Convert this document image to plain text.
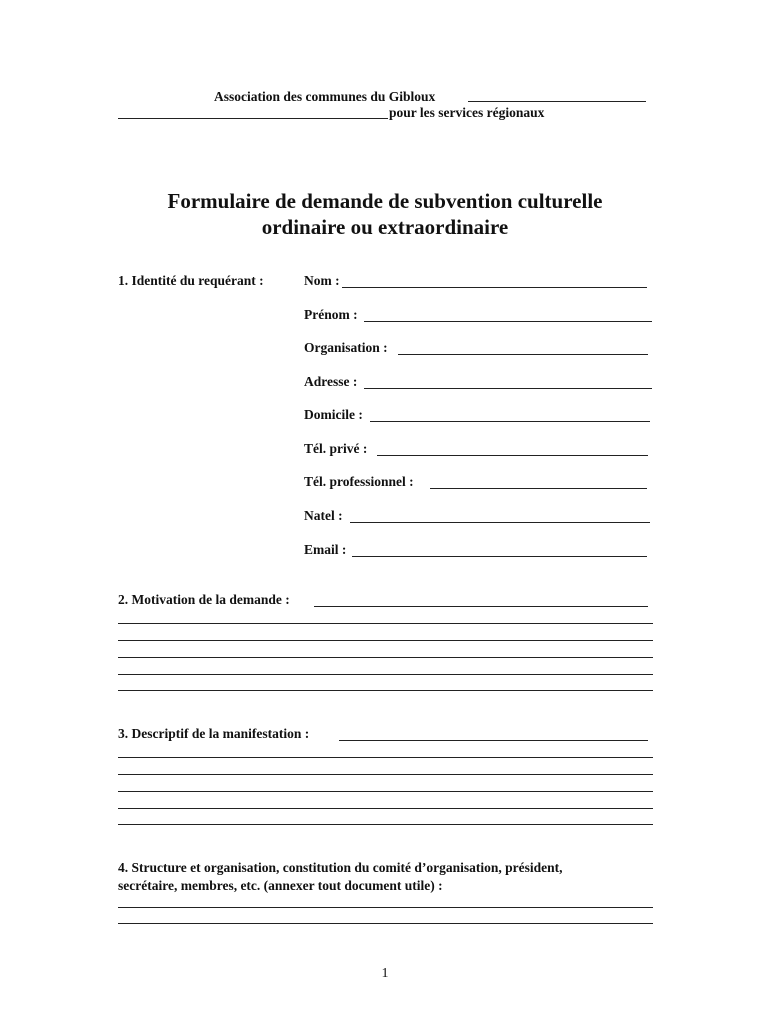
Association des communes du Gibloux
pour les services régionaux
Formulaire de demande de subvention culturelle
ordinaire ou extraordinaire
1. Identité du requérant :	Nom :
Prénom :
Organisation :
Adresse :
Domicile :
Tél. privé :
Tél. professionnel :
Natel :
Email :
2. Motivation de la demande :
3. Descriptif de la manifestation :
4. Structure et organisation, constitution du comité d’organisation, président,
secrétaire, membres, etc. (annexer tout document utile) :
1
